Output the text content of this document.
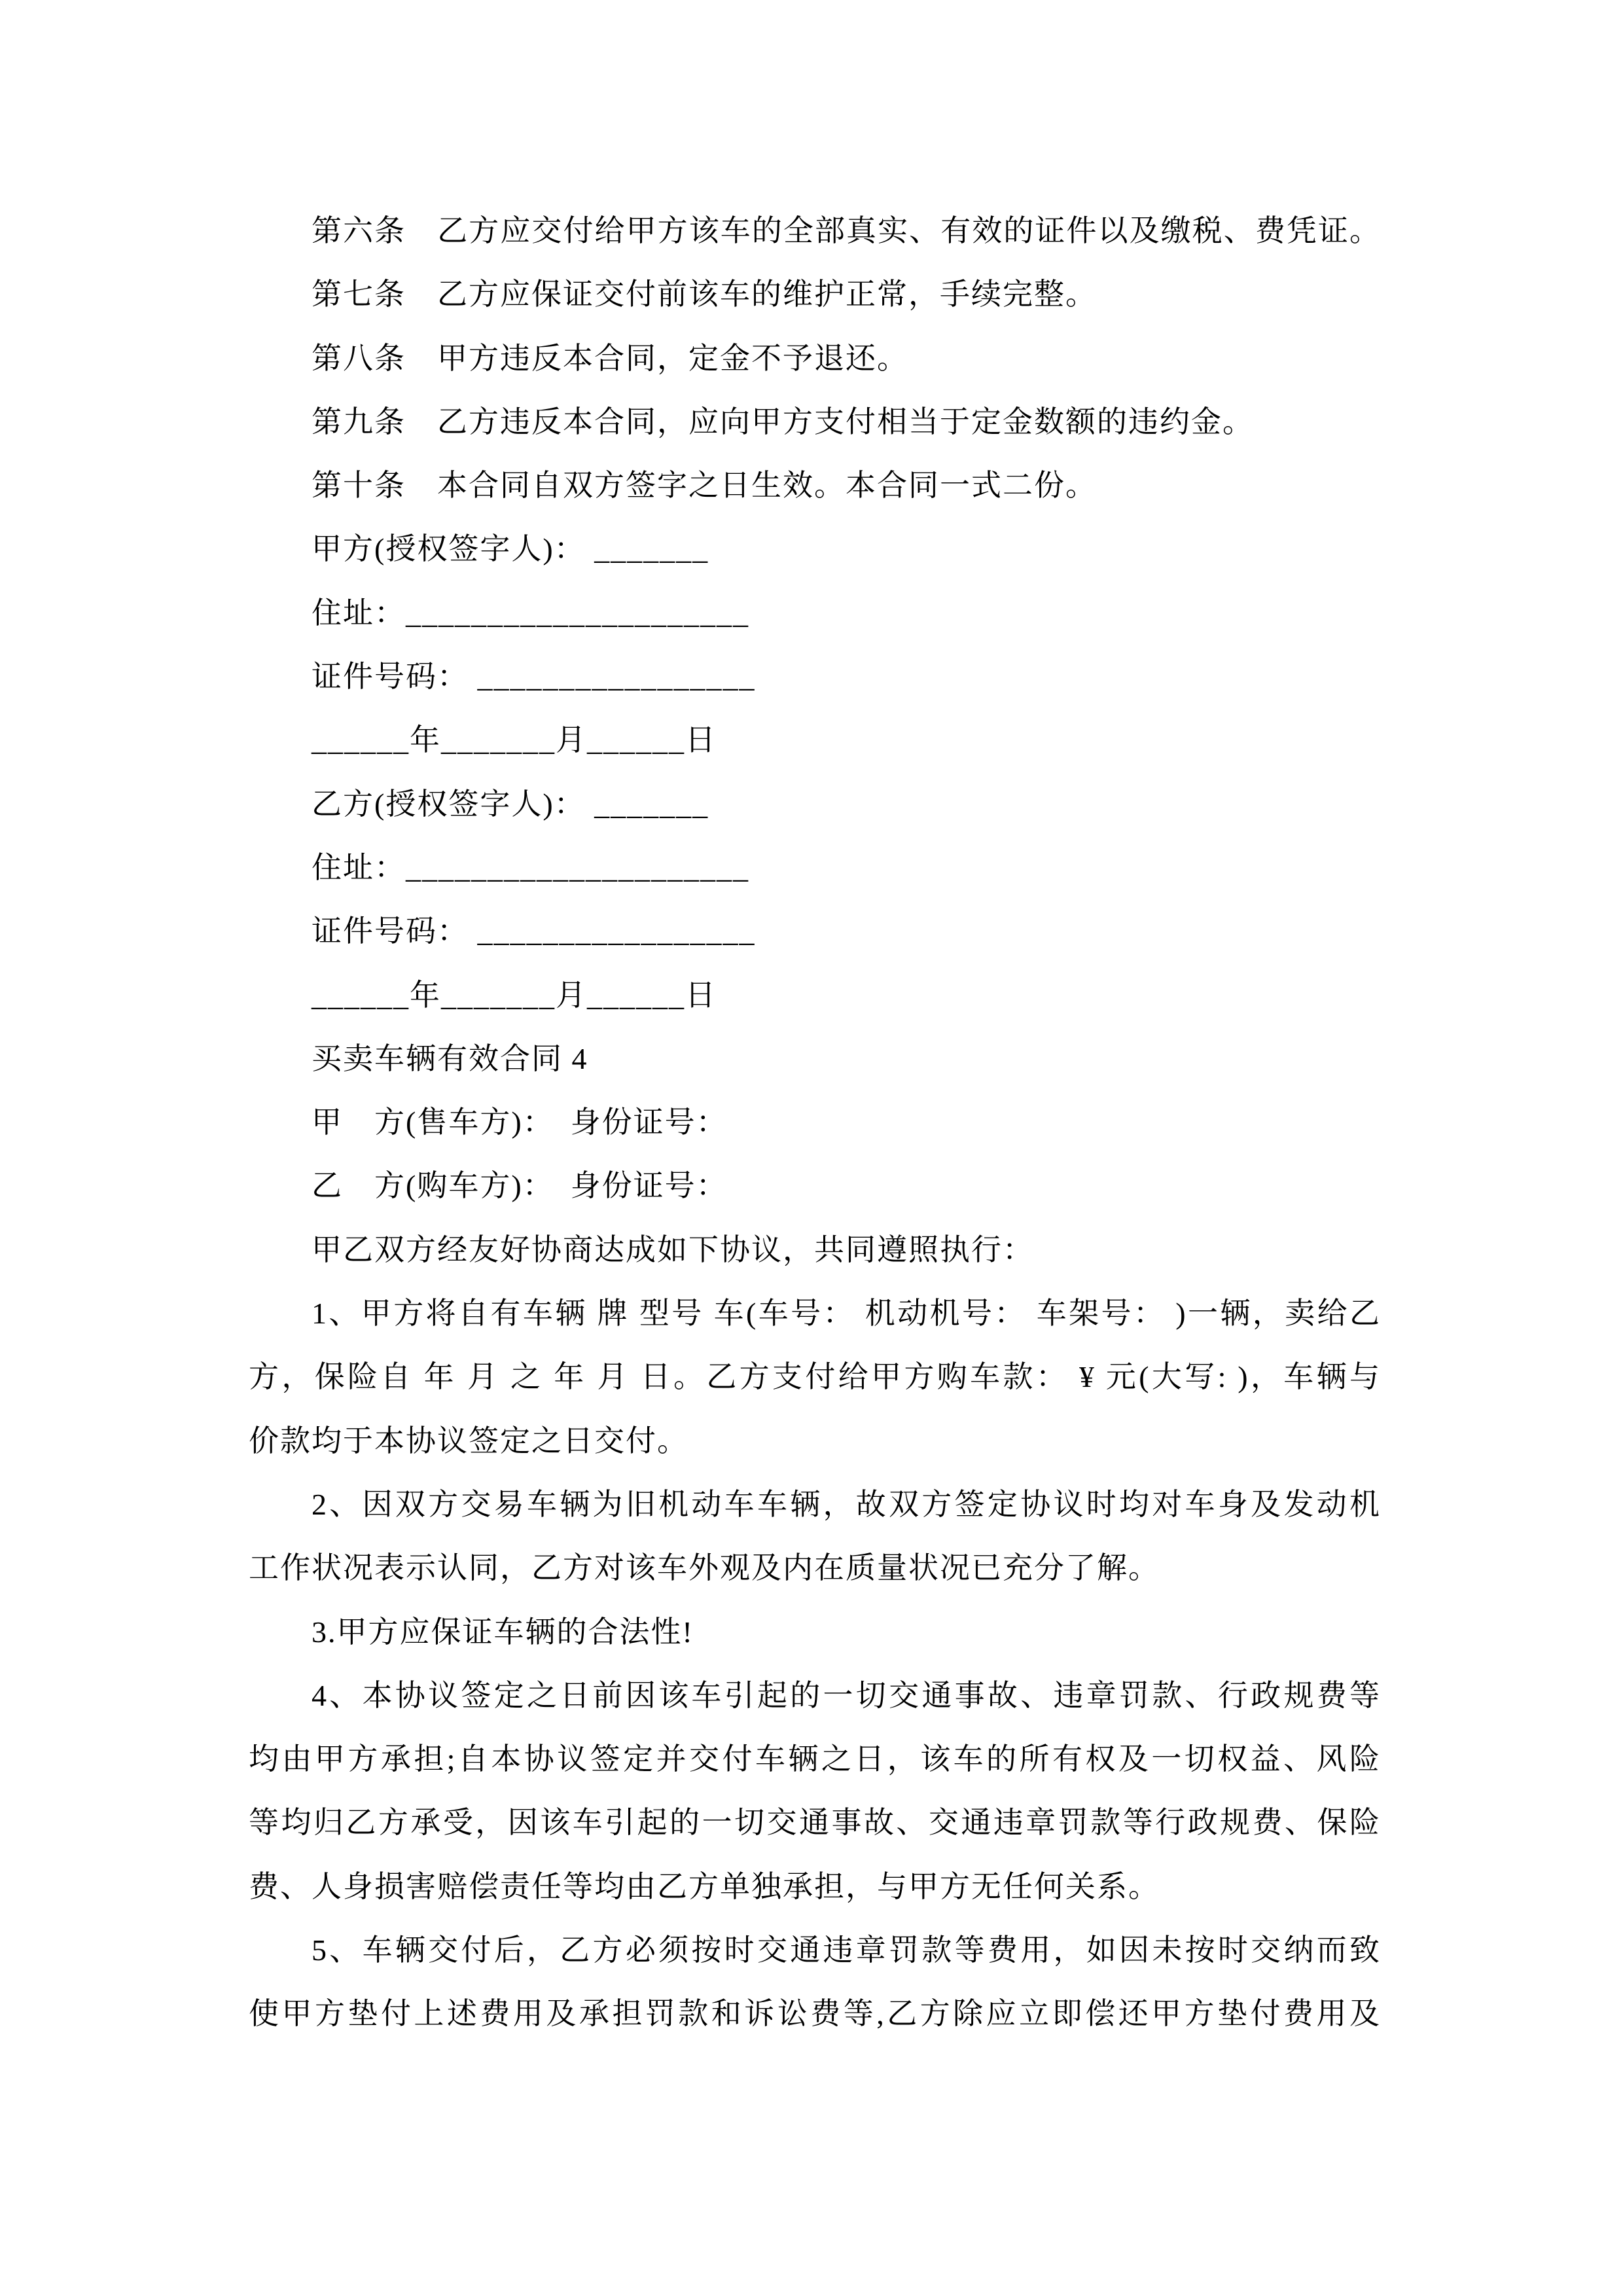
第六条　乙方应交付给甲方该车的全部真实、有效的证件以及缴税、费凭证。
第七条　乙方应保证交付前该车的维护正常，手续完整。
第八条　甲方违反本合同，定金不予退还。
第九条　乙方违反本合同，应向甲方支付相当于定金数额的违约金。
第十条　本合同自双方签字之日生效。本合同一式二份。
甲方(授权签字人)： _______
住址：_____________________
证件号码： _________________
______年_______月______日
乙方(授权签字人)： _______
住址：_____________________
证件号码： _________________
______年_______月______日
买卖车辆有效合同 4
甲　方(售车方)：　身份证号：
乙　方(购车方)：　身份证号：
甲乙双方经友好协商达成如下协议，共同遵照执行：
1、甲方将自有车辆 牌 型号 车(车号： 机动机号： 车架号： )一辆，卖给乙
方，保险自 年 月 之 年 月 日。乙方支付给甲方购车款： ¥ 元(大写: )，车辆与
价款均于本协议签定之日交付。
2、因双方交易车辆为旧机动车车辆，故双方签定协议时均对车身及发动机
工作状况表示认同，乙方对该车外观及内在质量状况已充分了解。
3.甲方应保证车辆的合法性!
4、本协议签定之日前因该车引起的一切交通事故、违章罚款、行政规费等
均由甲方承担;自本协议签定并交付车辆之日，该车的所有权及一切权益、风险
等均归乙方承受，因该车引起的一切交通事故、交通违章罚款等行政规费、保险
费、人身损害赔偿责任等均由乙方单独承担，与甲方无任何关系。
5、车辆交付后，乙方必须按时交通违章罚款等费用，如因未按时交纳而致
使甲方垫付上述费用及承担罚款和诉讼费等,乙方除应立即偿还甲方垫付费用及
